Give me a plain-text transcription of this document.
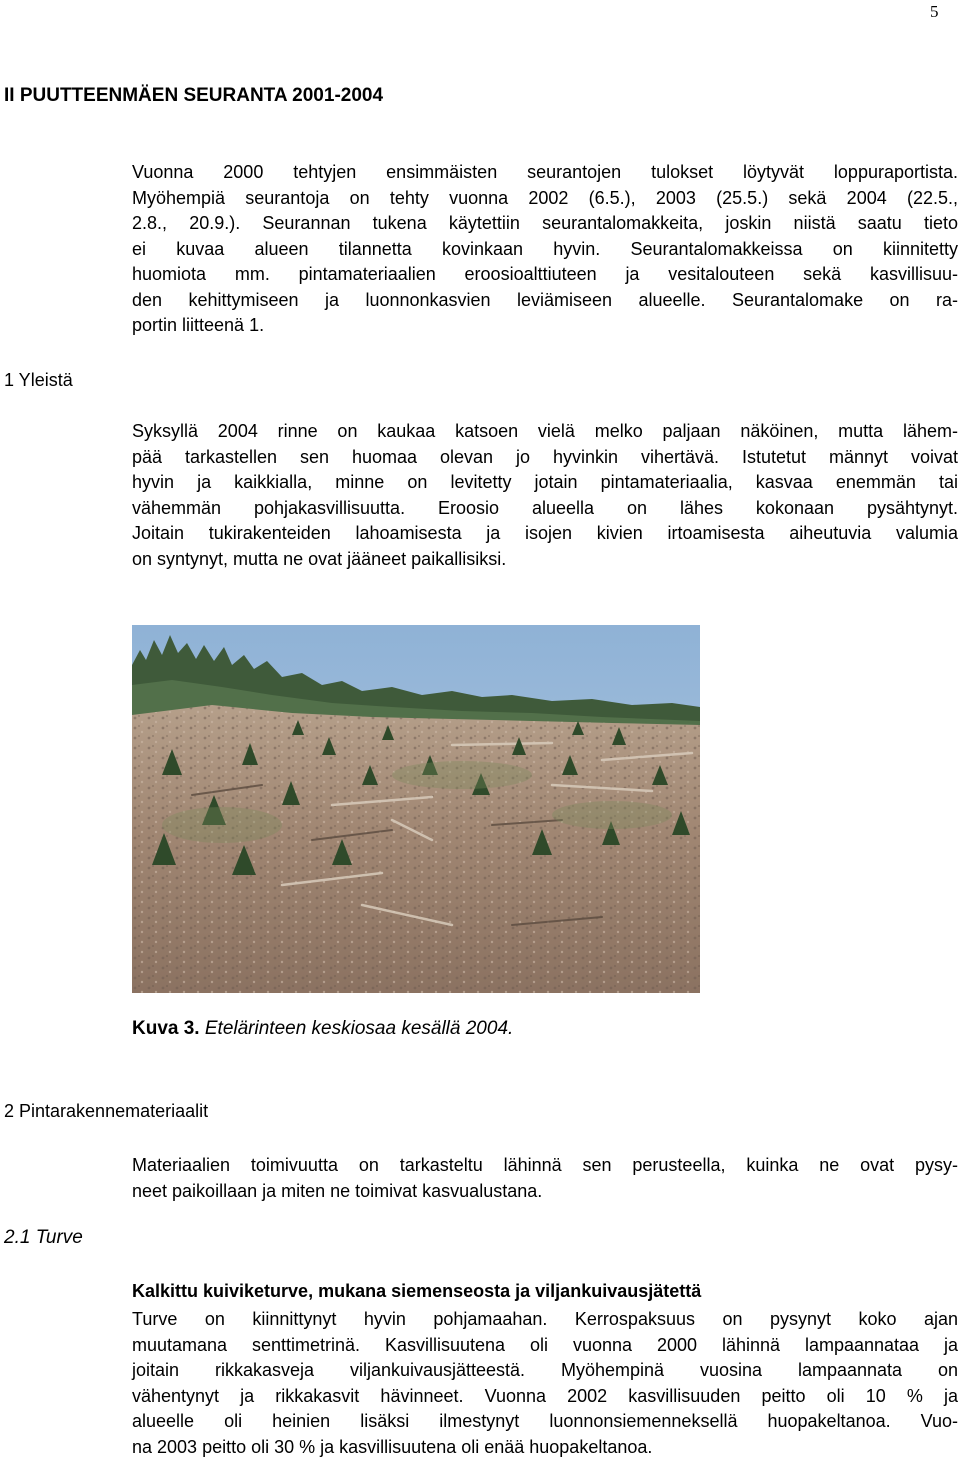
5
II PUUTTEENMÄEN SEURANTA 2001-2004
Vuonna 2000 tehtyjen ensimmäisten seurantojen tulokset löytyvät loppuraportista.
Myöhempiä seurantoja on tehty vuonna 2002 (6.5.), 2003 (25.5.) sekä 2004 (22.5.,
2.8., 20.9.). Seurannan tukena käytettiin seurantalomakkeita, joskin niistä saatu tieto
ei kuvaa alueen tilannetta kovinkaan hyvin. Seurantalomakkeissa on kiinnitetty
huomiota mm. pintamateriaalien eroosioalttiuteen ja vesitalouteen sekä kasvillisuu-
den kehittymiseen ja luonnonkasvien leviämiseen alueelle. Seurantalomake on ra-
portin liitteenä 1.
1 Yleistä
Syksyllä 2004 rinne on kaukaa katsoen vielä melko paljaan näköinen, mutta lähem-
pää tarkastellen sen huomaa olevan jo hyvinkin vihertävä. Istutetut männyt voivat
hyvin ja kaikkialla, minne on levitetty jotain pintamateriaalia, kasvaa enemmän tai
vähemmän pohjakasvillisuutta. Eroosio alueella on lähes kokonaan pysähtynyt.
Joitain tukirakenteiden lahoamisesta ja isojen kivien irtoamisesta aiheutuvia valumia
on syntynyt, mutta ne ovat jääneet paikallisiksi.
Kuva 3. Etelärinteen keskiosaa kesällä 2004.
2 Pintarakennemateriaalit
Materiaalien toimivuutta on tarkasteltu lähinnä sen perusteella, kuinka ne ovat pysy-
neet paikoillaan ja miten ne toimivat kasvualustana.
2.1 Turve
Kalkittu kuiviketurve, mukana siemenseosta ja viljankuivausjätettä
Turve on kiinnittynyt hyvin pohjamaahan. Kerrospaksuus on pysynyt koko ajan
muutamana senttimetrinä. Kasvillisuutena oli vuonna 2000 lähinnä lampaannataa ja
joitain rikkakasveja viljankuivausjätteestä. Myöhempinä vuosina lampaannata on
vähentynyt ja rikkakasvit hävinneet. Vuonna 2002 kasvillisuuden peitto oli 10 % ja
alueelle oli heinien lisäksi ilmestynyt luonnonsiemenneksellä huopakeltanoa. Vuo-
na 2003 peitto oli 30 % ja kasvillisuutena oli enää huopakeltanoa.
